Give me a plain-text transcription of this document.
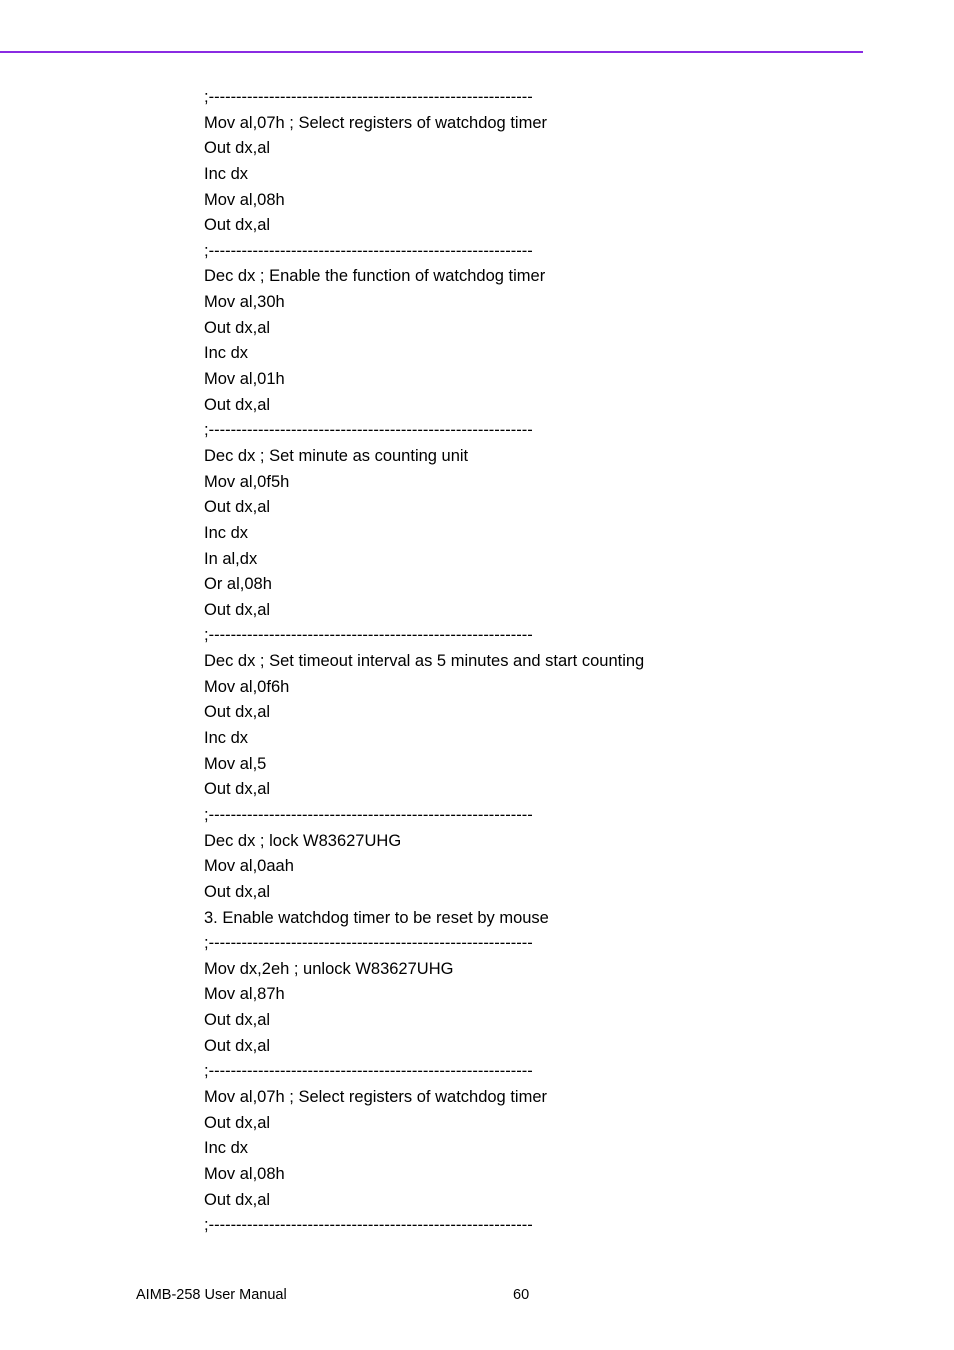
;-----------------------------------------------------------
Mov al,07h ; Select registers of watchdog timer
Out dx,al
Inc dx
Mov al,08h
Out dx,al
;-----------------------------------------------------------
Dec dx ; Enable the function of watchdog timer
Mov al,30h
Out dx,al
Inc dx
Mov al,01h
Out dx,al
;-----------------------------------------------------------
Dec dx ; Set minute as counting unit
Mov al,0f5h
Out dx,al
Inc dx
In al,dx
Or al,08h
Out dx,al
;-----------------------------------------------------------
Dec dx ; Set timeout interval as 5 minutes and start counting
Mov al,0f6h
Out dx,al
Inc dx
Mov al,5
Out dx,al
;-----------------------------------------------------------
Dec dx ; lock W83627UHG
Mov al,0aah
Out dx,al
3. Enable watchdog timer to be reset by mouse
;-----------------------------------------------------------
Mov dx,2eh ; unlock W83627UHG
Mov al,87h
Out dx,al
Out dx,al
;-----------------------------------------------------------
Mov al,07h ; Select registers of watchdog timer
Out dx,al
Inc dx
Mov al,08h
Out dx,al
;-----------------------------------------------------------
AIMB-258 User Manual	60
